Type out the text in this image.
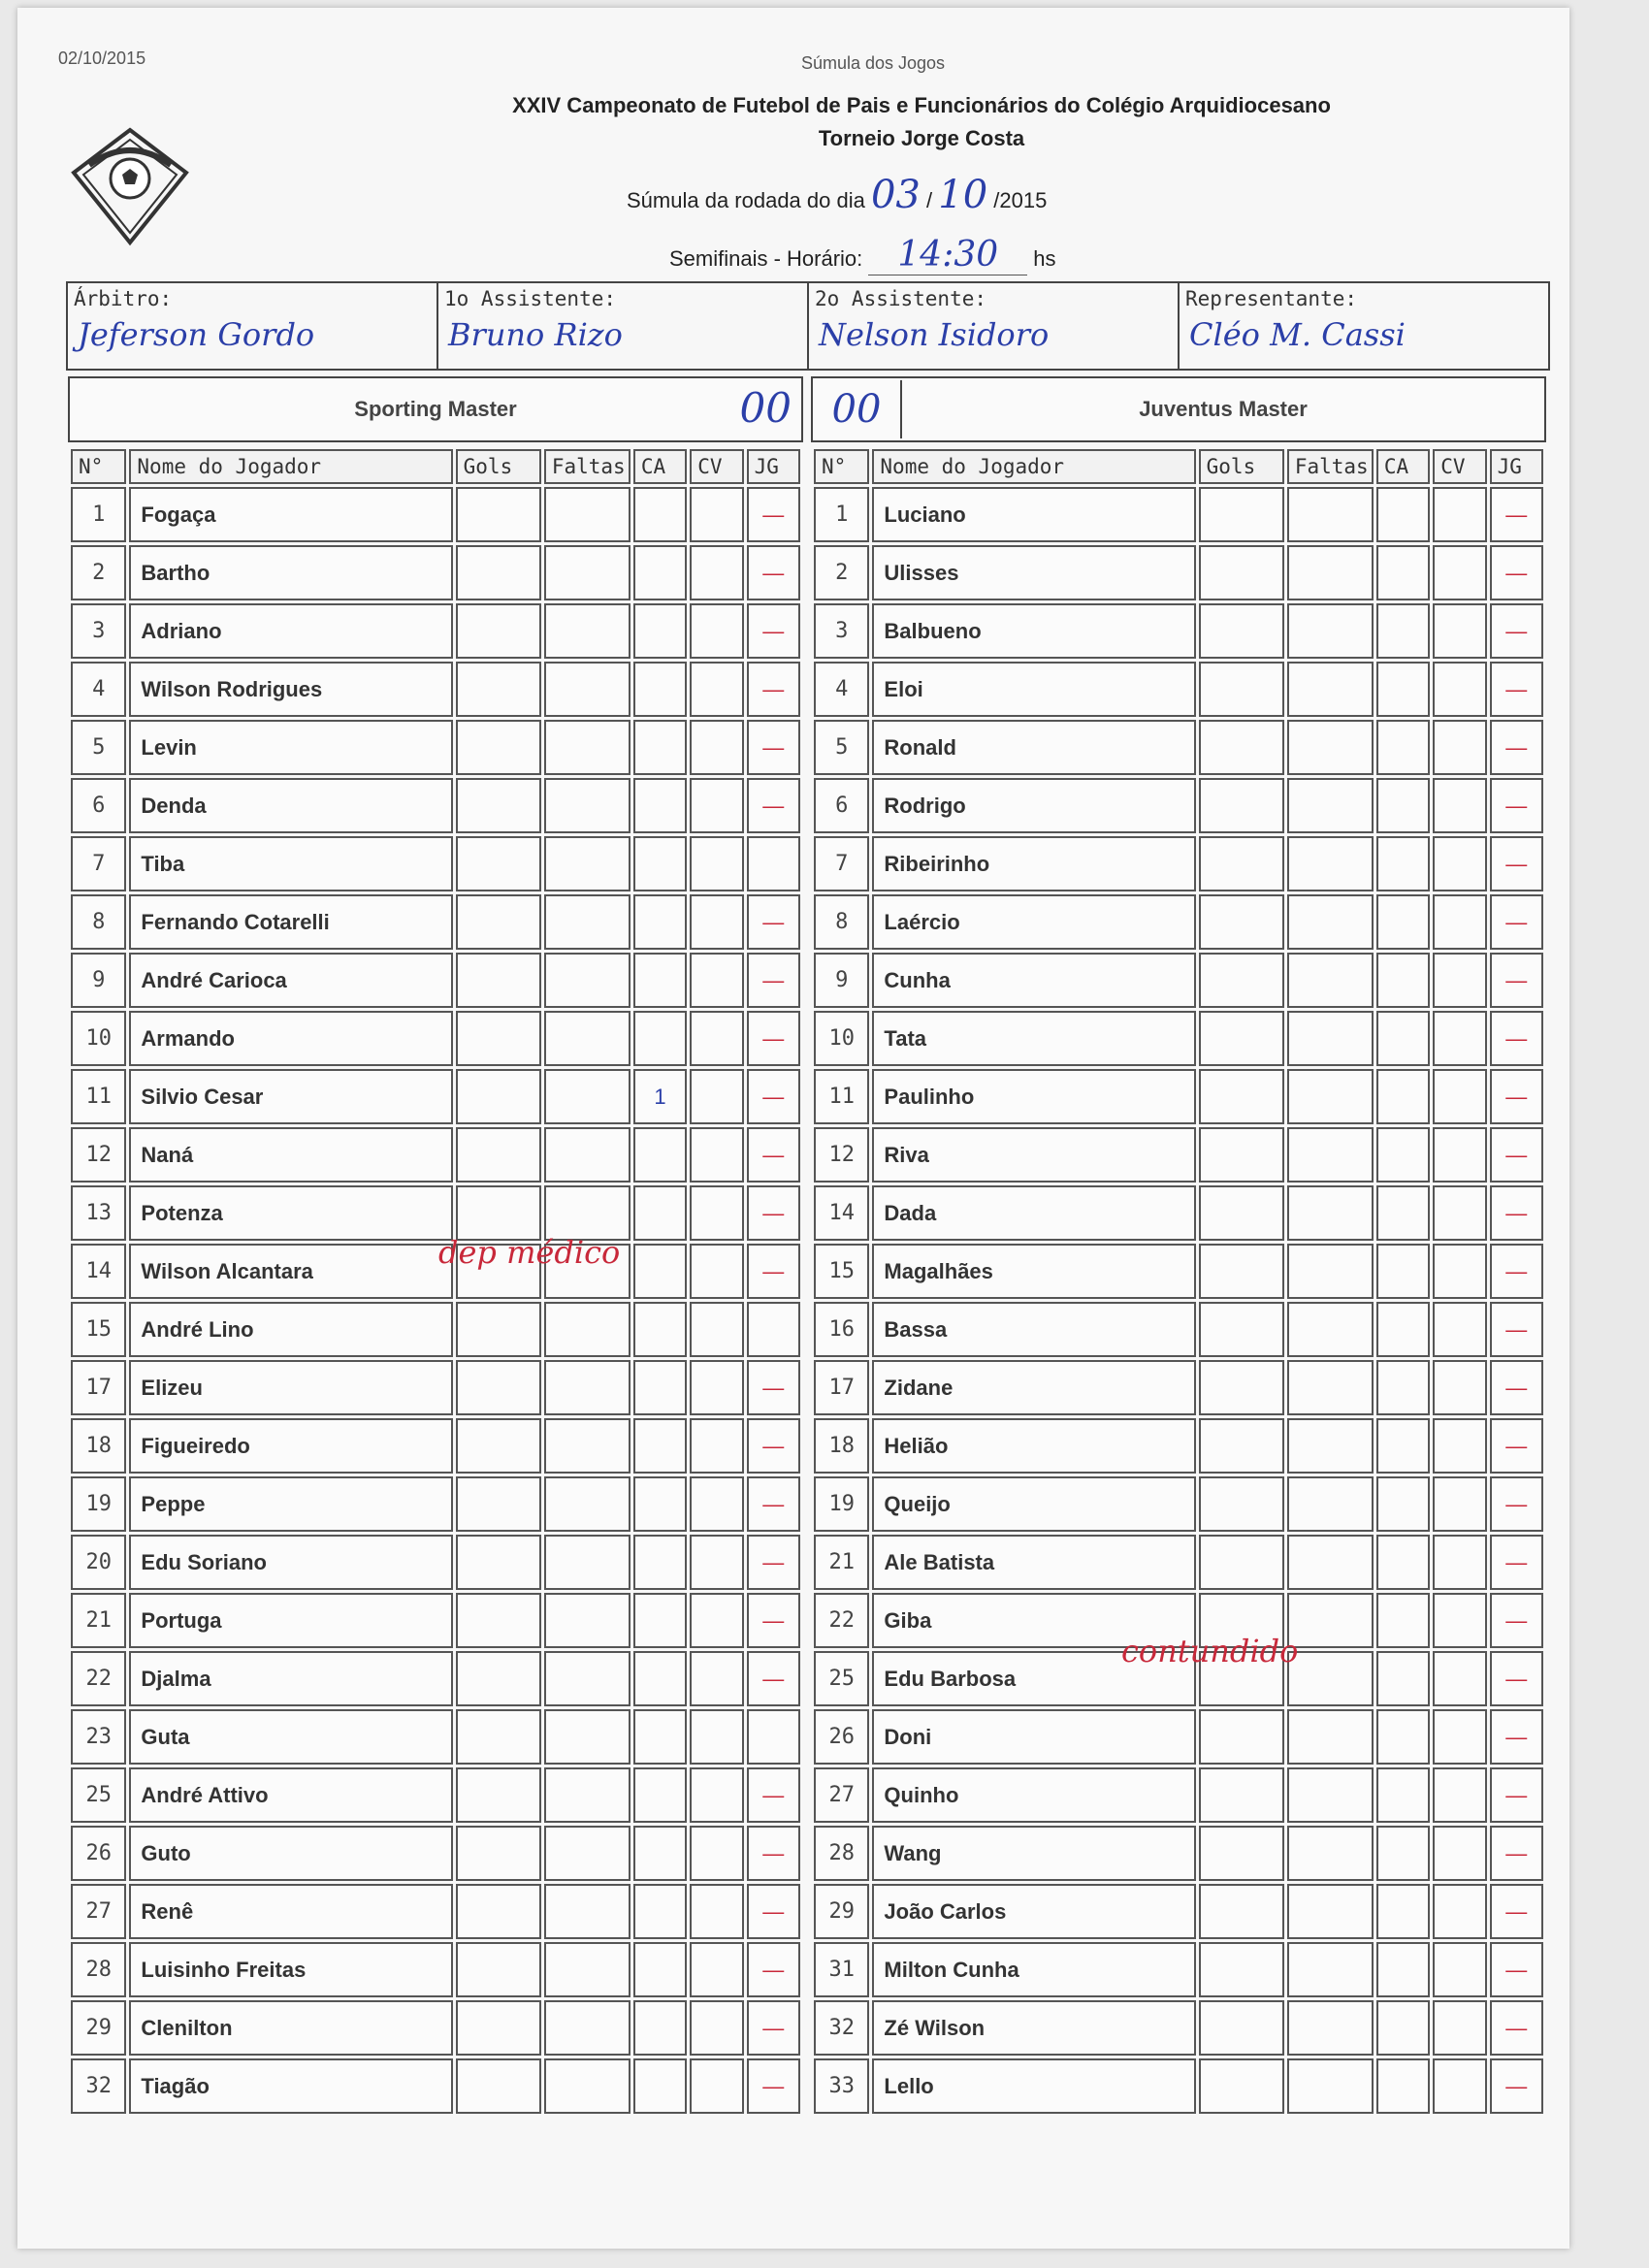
02/10/2015	Súmula dos Jogos
XXIV Campeonato de Futebol de Pais e Funcionários do Colégio Arquidiocesano
Torneio Jorge Costa
Súmula da rodada do dia 03 / 10 /2015
Semifinais - Horário: 14:30 hs
Árbitro:
Jeferson Gordo
1o Assistente:
Bruno Rizo
2o Assistente:
Nelson Isidoro
Representante:
Cléo M. Cassi
Sporting Master	00
N°	Nome do Jogador	Gols	Faltas	CA	CV	JG
1	Fogaça					—
2	Bartho					—
3	Adriano					—
4	Wilson Rodrigues					—
5	Levin					—
6	Denda					—
7	Tiba					
8	Fernando Cotarelli					—
9	André Carioca					—
10	Armando					—
11	Silvio Cesar			1		—
12	Naná					—
13	Potenza					—
14	Wilson Alcantara					—
15	André Lino					
17	Elizeu					—
18	Figueiredo					—
19	Peppe					—
20	Edu Soriano					—
21	Portuga					—
22	Djalma					—
23	Guta					
25	André Attivo					—
26	Guto					—
27	Renê					—
28	Luisinho Freitas					—
29	Clenilton					—
32	Tiagão					—
00	Juventus Master
N°	Nome do Jogador	Gols	Faltas	CA	CV	JG
1	Luciano					—
2	Ulisses					—
3	Balbueno					—
4	Eloi					—
5	Ronald					—
6	Rodrigo					—
7	Ribeirinho					—
8	Laércio					—
9	Cunha					—
10	Tata					—
11	Paulinho					—
12	Riva					—
14	Dada					—
15	Magalhães					—
16	Bassa					—
17	Zidane					—
18	Helião					—
19	Queijo					—
21	Ale Batista					—
22	Giba					—
25	Edu Barbosa					—
26	Doni					—
27	Quinho					—
28	Wang					—
29	João Carlos					—
31	Milton Cunha					—
32	Zé Wilson					—
33	Lello					—
dep médico
contundido
